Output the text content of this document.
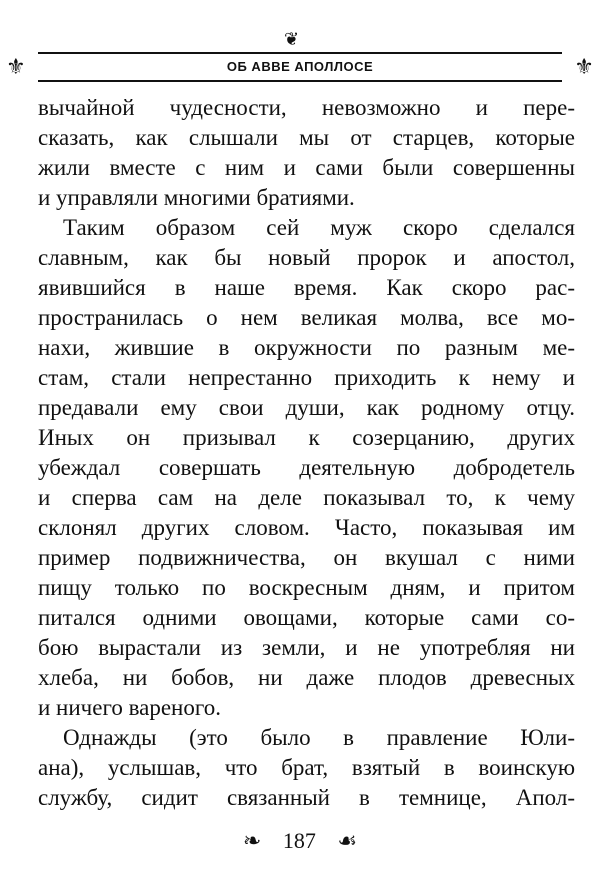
❦
⚜	ОБ АВВЕ АПОЛЛОСЕ	⚜
вычайной чудесности, невозможно и пере-
сказать, как слышали мы от старцев, которые
жили вместе с ним и сами были совершенны
и управляли многими братиями.
Таким образом сей муж скоро сделался
славным, как бы новый пророк и апостол,
явившийся в наше время. Как скоро рас-
пространилась о нем великая молва, все мо-
нахи, жившие в окружности по разным ме-
стам, стали непрестанно приходить к нему и
предавали ему свои души, как родному отцу.
Иных он призывал к созерцанию, других
убеждал совершать деятельную добродетель
и сперва сам на деле показывал то, к чему
склонял других словом. Часто, показывая им
пример подвижничества, он вкушал с ними
пищу только по воскресным дням, и притом
питался одними овощами, которые сами со-
бою вырастали из земли, и не употребляя ни
хлеба, ни бобов, ни даже плодов древесных
и ничего вареного.
Однажды (это было в правление Юли-
ана), услышав, что брат, взятый в воинскую
службу, сидит связанный в темнице, Апол-
❧ 187 ☙
